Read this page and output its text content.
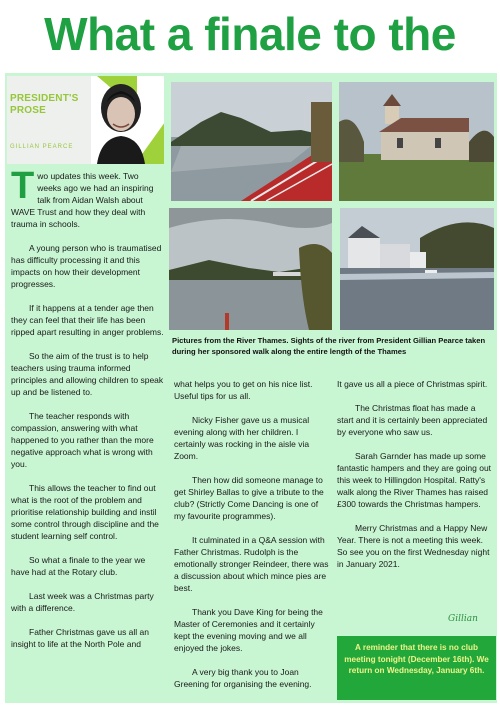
What a finale to the
PRESIDENT'S PROSE
GILLIAN PEARCE
Pictures from the River Thames. Sights of the river from President Gillian Pearce taken during her sponsored walk along the entire length of the Thames

Two updates this week. Two weeks ago we had an inspiring talk from Aidan Walsh about WAVE Trust and how they deal with trauma in schools.

A young person who is traumatised has difficulty processing it and this impacts on how their development progresses.

If it happens at a tender age then they can feel that their life has been ripped apart resulting in anger problems.

So the aim of the trust is to help teachers using trauma informed principles and allowing children to speak up and be listened to.

The teacher responds with compassion, answering with what happened to you rather than the more negative approach what is wrong with you.

This allows the teacher to find out what is the root of the problem and prioritise relationship building and instil some control through discipline and the student learning self control.

So what a finale to the year we have had at the Rotary club.

Last week was a Christmas party with a difference.

Father Christmas gave us all an insight to life at the North Pole and

what helps you to get on his nice list. Useful tips for us all.

Nicky Fisher gave us a musical evening along with her children. I certainly was rocking in the aisle via Zoom.

Then how did someone manage to get Shirley Ballas to give a tribute to the club? (Strictly Come Dancing is one of my favourite programmes).

It culminated in a Q&A session with Father Christmas. Rudolph is the emotionally stronger Reindeer, there was a discussion about which mince pies are best.

Thank you Dave King for being the Master of Ceremonies and it certainly kept the evening moving and we all enjoyed the jokes.

A very big thank you to Joan Greening for organising the evening.

It gave us all a piece of Christmas spirit.

The Christmas float has made a start and it is certainly been appreciated by everyone who saw us.

Sarah Garnder has made up some fantastic hampers and they are going out this week to Hillingdon Hospital. Ratty's walk along the River Thames has raised £300 towards the Christmas hampers.

Merry Christmas and a Happy New Year. There is not a meeting this week. So see you on the first Wednesday night in January 2021.

Gillian
A reminder that there is no club meeting tonight (December 16th). We return on Wednesday, January 6th.
